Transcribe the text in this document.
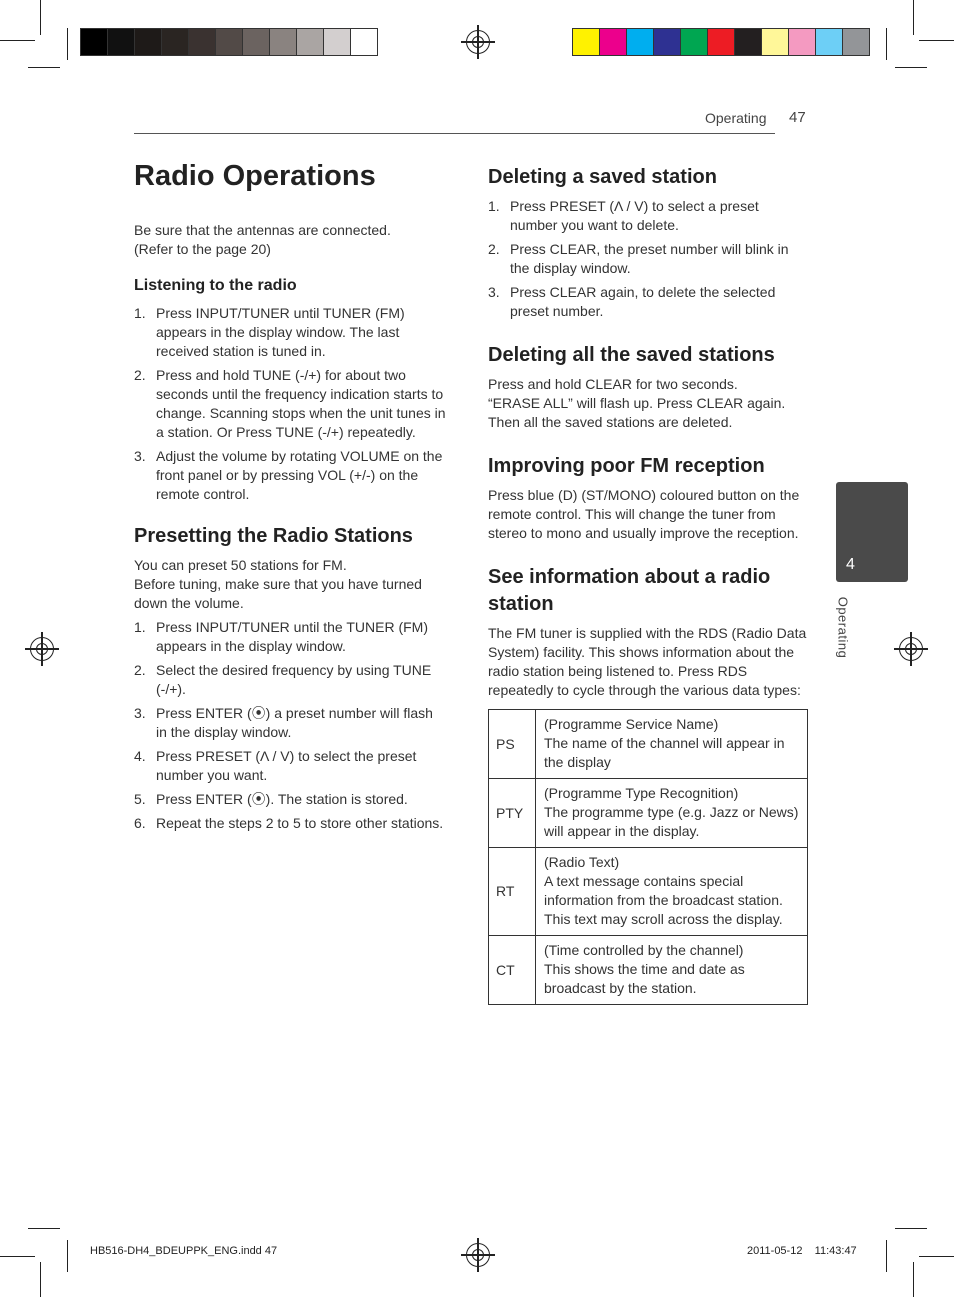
Operating 47
Radio Operations
Be sure that the antennas are connected.
(Refer to the page 20)
Listening to the radio
1. Press INPUT/TUNER until TUNER (FM) appears in the display window. The last received station is tuned in.
2. Press and hold TUNE (-/+) for about two seconds until the frequency indication starts to change. Scanning stops when the unit tunes in a station. Or Press TUNE (-/+) repeatedly.
3. Adjust the volume by rotating VOLUME on the front panel or by pressing VOL (+/-) on the remote control.
Presetting the Radio Stations
You can preset 50 stations for FM.
Before tuning, make sure that you have turned down the volume.
1. Press INPUT/TUNER until the TUNER (FM) appears in the display window.
2. Select the desired frequency by using TUNE (-/+).
3. Press ENTER (⦿) a preset number will flash in the display window.
4. Press PRESET (Λ / V) to select the preset number you want.
5. Press ENTER (⦿). The station is stored.
6. Repeat the steps 2 to 5 to store other stations.
Deleting a saved station
1. Press PRESET (Λ / V) to select a preset number you want to delete.
2. Press CLEAR, the preset number will blink in the display window.
3. Press CLEAR again, to delete the selected preset number.
Deleting all the saved stations
Press and hold CLEAR for two seconds.
“ERASE ALL” will flash up. Press CLEAR again. Then all the saved stations are deleted.
Improving poor FM reception
Press blue (D) (ST/MONO) coloured button on the remote control. This will change the tuner from stereo to mono and usually improve the reception.
See information about a radio
station
The FM tuner is supplied with the RDS (Radio Data System) facility. This shows information about the radio station being listened to. Press RDS repeatedly to cycle through the various data types:
PS	(Programme Service Name)
The name of the channel will appear in the display

PTY	(Programme Type Recognition)
The programme type (e.g. Jazz or News) will appear in the display.

RT	(Radio Text)
A text message contains special information from the broadcast station. This text may scroll across the display.

CT	(Time controlled by the channel)
This shows the time and date as broadcast by the station.
4
Operating
HB516-DH4_BDEUPPK_ENG.indd 47	2011-05-12    11:43:47
